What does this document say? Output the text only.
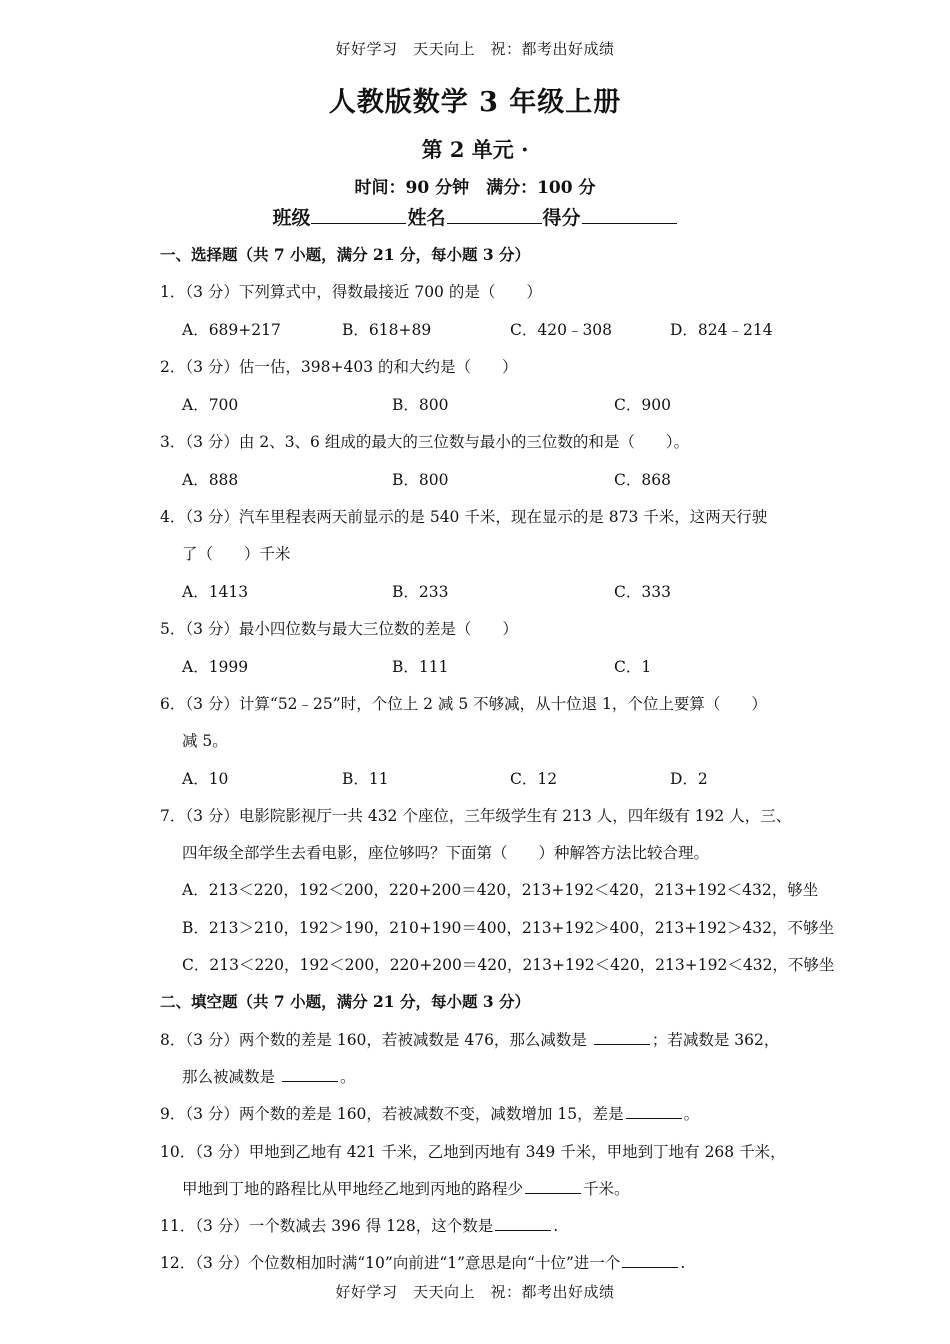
好好学习　天天向上　祝：都考出好成绩
人教版数学 3 年级上册
第 2 单元 ·
时间：90 分钟　满分：100 分
班级	姓名	得分
一、选择题（共 7 小题，满分 21 分，每小题 3 分）
1．（3 分）下列算式中，得数最接近 700 的是（　　）
A．689+217	B．618+89	C．420﹣308	D．824﹣214
2．（3 分）估一估，398+403 的和大约是（　　）
A．700	B．800	C．900
3．（3 分）由 2、3、6 组成的最大的三位数与最小的三位数的和是（　　）。
A．888	B．800	C．868
4．（3 分）汽车里程表两天前显示的是 540 千米，现在显示的是 873 千米，这两天行驶
了（　　）千米
A．1413	B．233	C．333
5．（3 分）最小四位数与最大三位数的差是（　　）
A．1999	B．111	C．1
6．（3 分）计算“52﹣25”时，个位上 2 减 5 不够减，从十位退 1，个位上要算（　　）
减 5。
A．10	B．11	C．12	D．2
7．（3 分）电影院影视厅一共 432 个座位，三年级学生有 213 人，四年级有 192 人，三、
四年级全部学生去看电影，座位够吗？下面第（　　）种解答方法比较合理。
A．213＜220，192＜200，220+200＝420，213+192＜420，213+192＜432，够坐
B．213＞210，192＞190，210+190＝400，213+192＞400，213+192＞432，不够坐
C．213＜220，192＜200，220+200＝420，213+192＜420，213+192＜432，不够坐
二、填空题（共 7 小题，满分 21 分，每小题 3 分）
8．（3 分）两个数的差是 160，若被减数是 476，那么减数是	；若减数是 362，
那么被减数是	。
9．（3 分）两个数的差是 160，若被减数不变，减数增加 15，差是	。
10．（3 分）甲地到乙地有 421 千米，乙地到丙地有 349 千米，甲地到丁地有 268 千米，
甲地到丁地的路程比从甲地经乙地到丙地的路程少	千米。
11．（3 分）一个数减去 396 得 128，这个数是	.
12．（3 分）个位数相加时满“10”向前进“1”意思是向“十位”进一个	.
好好学习　天天向上　祝：都考出好成绩
